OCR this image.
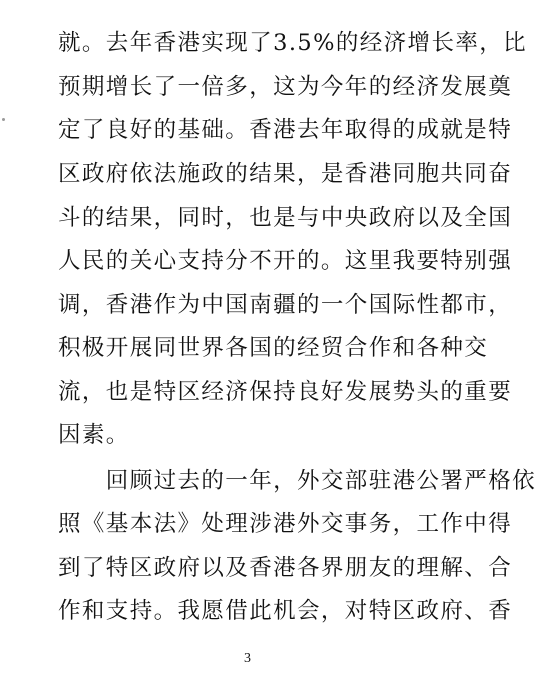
就。去年香港实现了3.5%的经济增长率，比
预期增长了一倍多，这为今年的经济发展奠
定了良好的基础。香港去年取得的成就是特
区政府依法施政的结果，是香港同胞共同奋
斗的结果，同时，也是与中央政府以及全国
人民的关心支持分不开的。这里我要特别强
调，香港作为中国南疆的一个国际性都市，
积极开展同世界各国的经贸合作和各种交
流，也是特区经济保持良好发展势头的重要
因素。
　　回顾过去的一年，外交部驻港公署严格依
照《基本法》处理涉港外交事务，工作中得
到了特区政府以及香港各界朋友的理解、合
作和支持。我愿借此机会，对特区政府、香
3
